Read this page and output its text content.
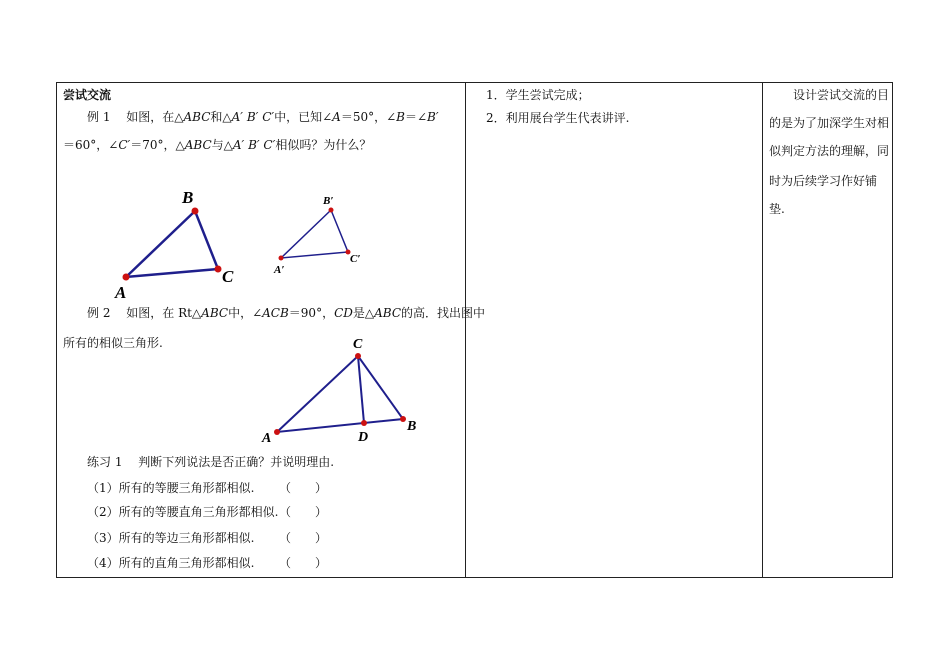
尝试交流
例 1　 如图，在△ABC和△A′ B′ C′中，已知∠A＝50°，∠B＝∠B′
＝60°，∠C′＝70°，△ABC与△A′ B′ C′相似吗？为什么？
A
B
C	A′
B′
C′
A
C
B
D
例 2　 如图，在 Rt△ABC中，∠ACB＝90°，CD是△ABC的高．找出图中
所有的相似三角形.
练习 1　 判断下列说法是否正确？并说明理由.
（1）所有的等腰三角形都相似. （　　）
（2）所有的等腰直角三角形都相似. （　　）
（3）所有的等边三角形都相似. （　　）
（4）所有的直角三角形都相似. （　　）
1．学生尝试完成；
2．利用展台学生代表讲评.
设计尝试交流的目
的是为了加深学生对相
似判定方法的理解，同
时为后续学习作好铺
垫.
